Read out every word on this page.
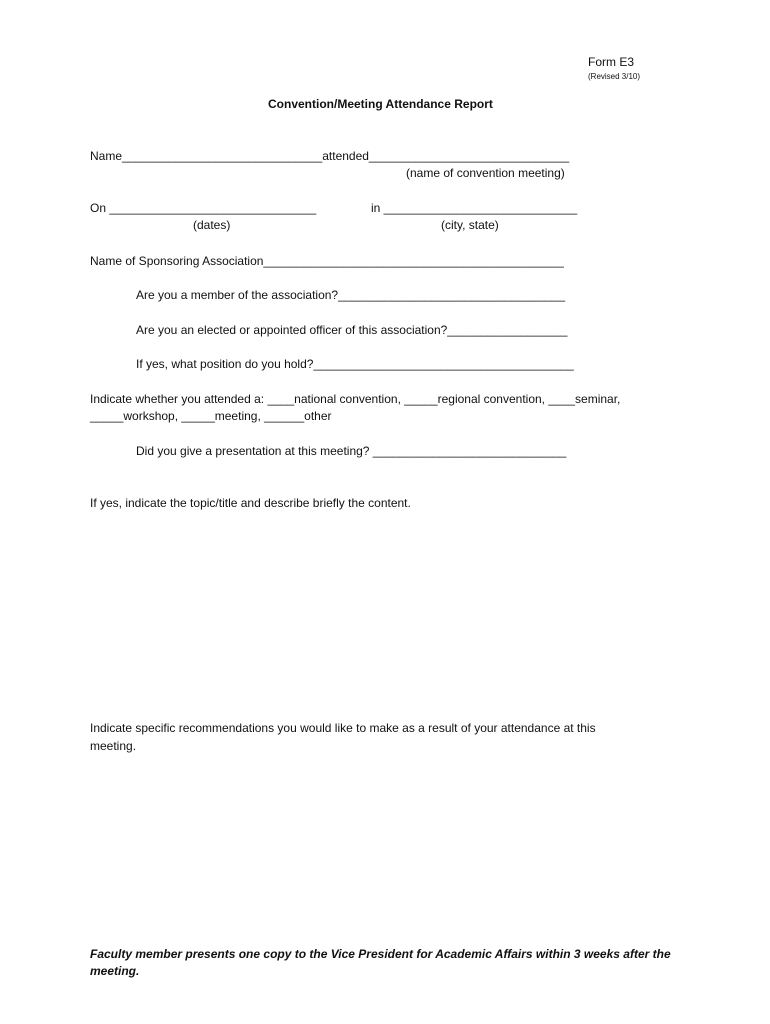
Form E3
(Revised 3/10)
Convention/Meeting Attendance Report
Name______________________________attended______________________________
(name of convention meeting)
On _______________________________	in _____________________________
(dates)	(city, state)
Name of Sponsoring Association_____________________________________________
Are you a member of the association?__________________________________
Are you an elected or appointed officer of this association?__________________
If yes, what position do you hold?_______________________________________
Indicate whether you attended a: ____national convention, _____regional convention, ____seminar,
_____workshop, _____meeting, ______other
Did you give a presentation at this meeting? _____________________________
If yes, indicate the topic/title and describe briefly the content.
Indicate specific recommendations you would like to make as a result of your attendance at this
meeting.
Faculty member presents one copy to the Vice President for Academic Affairs within 3 weeks after the meeting.
